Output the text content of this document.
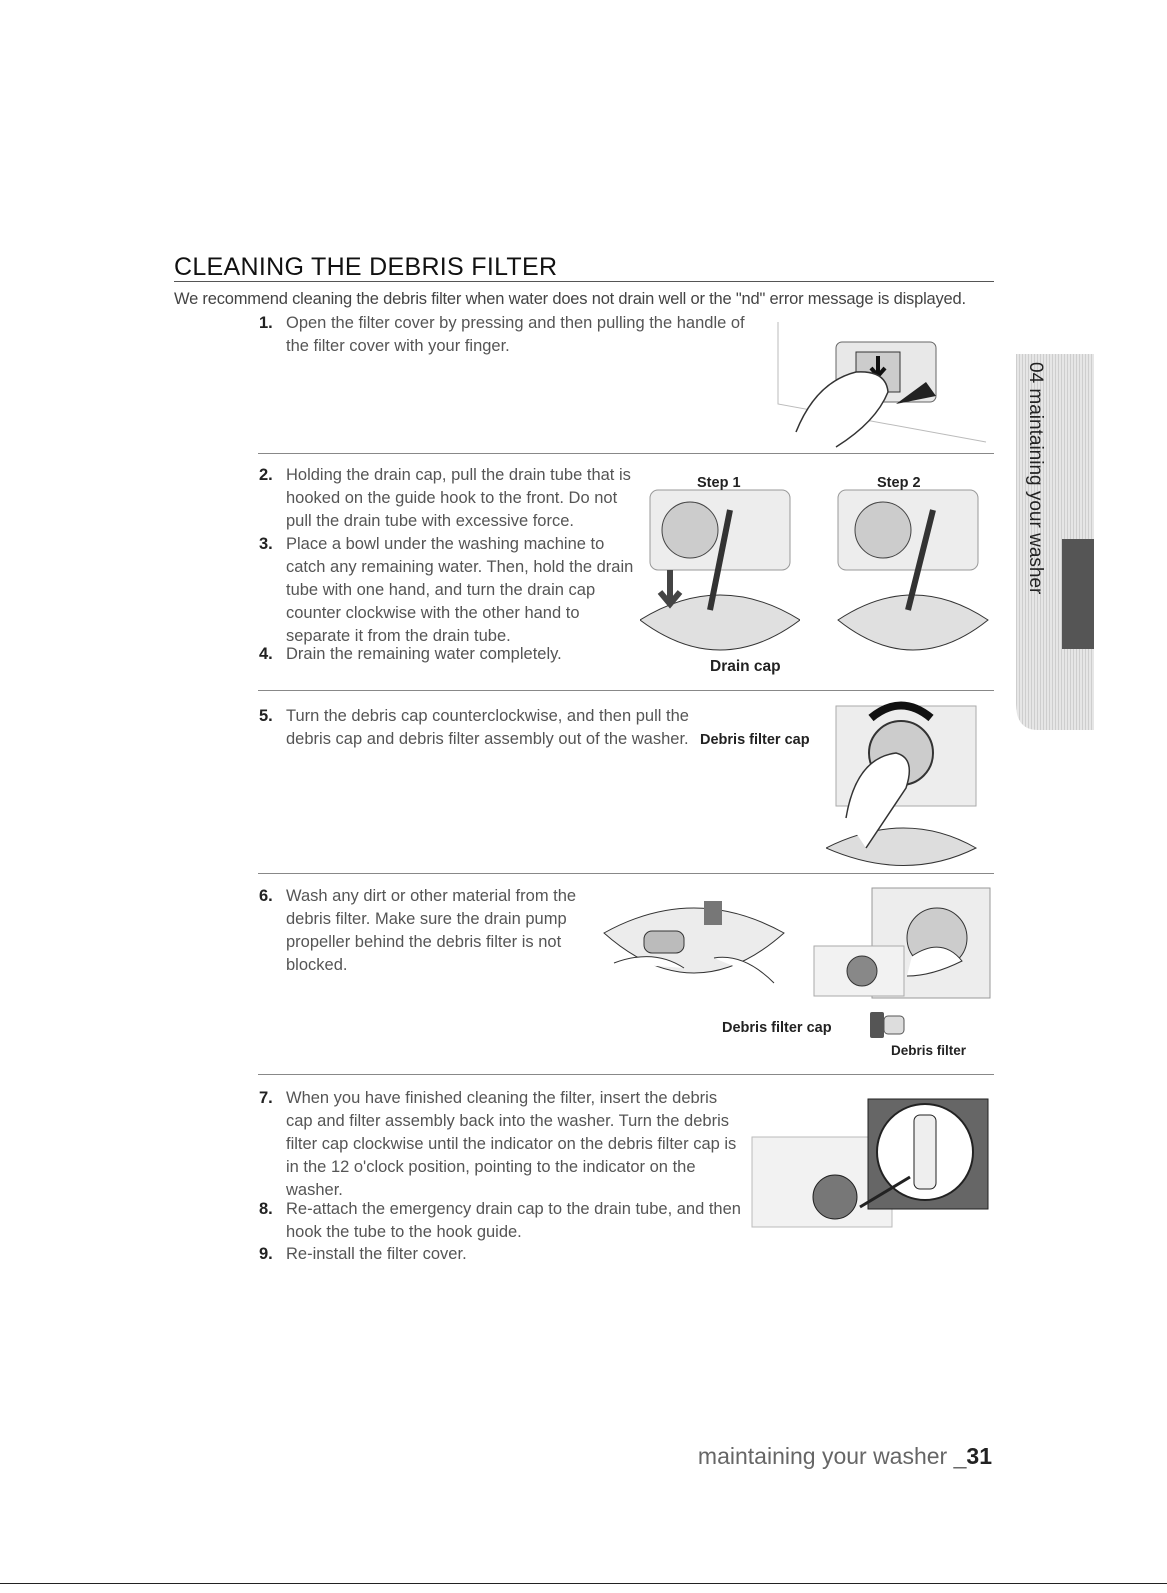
CLEANING THE DEBRIS FILTER
We recommend cleaning the debris filter when water does not drain well or the "nd" error message is displayed.
04 maintaining your washer
1. Open the filter cover by pressing and then pulling the handle of the filter cover with your finger.

2. Holding the drain cap, pull the drain tube that is hooked on the guide hook to the front. Do not pull the drain tube with excessive force.

3. Place a bowl under the washing machine to catch any remaining water. Then, hold the drain tube with one hand, and turn the drain cap counter clockwise with the other hand to separate it from the drain tube.

4. Drain the remaining water completely.

Step 1
Drain cap
Step 2
5. Turn the debris cap counterclockwise, and then pull the debris cap and debris filter assembly out of the washer. Debris filter cap
6. Wash any dirt or other material from the debris filter. Make sure the drain pump propeller behind the debris filter is not blocked.

Debris filter cap
Debris filter
7. When you have finished cleaning the filter, insert the debris cap and filter assembly back into the washer. Turn the debris filter cap clockwise until the indicator on the debris filter cap is in the 12 o'clock position, pointing to the indicator on the washer.

8. Re-attach the emergency drain cap to the drain tube, and then hook the tube to the hook guide.

9. Re-install the filter cover.

maintaining your washer _31
